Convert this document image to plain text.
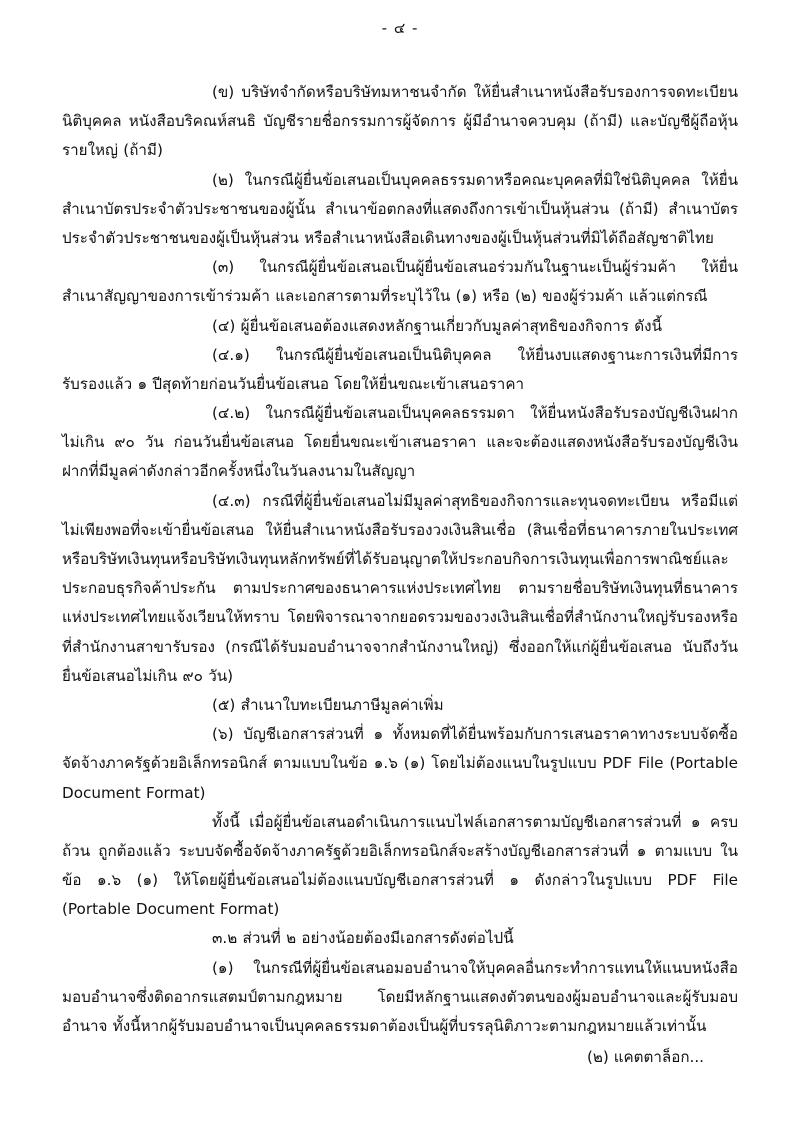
- ๔ -

(ข) บริษัทจำกัดหรือบริษัทมหาชนจำกัด ให้ยื่นสำเนาหนังสือรับรองการจดทะเบียน นิติบุคคล หนังสือบริคณห์สนธิ บัญชีรายชื่อกรรมการผู้จัดการ ผู้มีอำนาจควบคุม (ถ้ามี) และบัญชีผู้ถือหุ้นรายใหญ่ (ถ้ามี)

(๒) ในกรณีผู้ยื่นข้อเสนอเป็นบุคคลธรรมดาหรือคณะบุคคลที่มิใช่นิติบุคคล ให้ยื่นสำเนาบัตรประจำตัวประชาชนของผู้นั้น สำเนาข้อตกลงที่แสดงถึงการเข้าเป็นหุ้นส่วน (ถ้ามี) สำเนาบัตรประจำตัวประชาชนของผู้เป็นหุ้นส่วน หรือสำเนาหนังสือเดินทางของผู้เป็นหุ้นส่วนที่มิได้ถือสัญชาติไทย

(๓) ในกรณีผู้ยื่นข้อเสนอเป็นผู้ยื่นข้อเสนอร่วมกันในฐานะเป็นผู้ร่วมค้า ให้ยื่นสำเนาสัญญาของการเข้าร่วมค้า และเอกสารตามที่ระบุไว้ใน (๑) หรือ (๒) ของผู้ร่วมค้า แล้วแต่กรณี

(๔) ผู้ยื่นข้อเสนอต้องแสดงหลักฐานเกี่ยวกับมูลค่าสุทธิของกิจการ ดังนี้

(๔.๑) ในกรณีผู้ยื่นข้อเสนอเป็นนิติบุคคล ให้ยื่นงบแสดงฐานะการเงินที่มีการรับรองแล้ว ๑ ปีสุดท้ายก่อนวันยื่นข้อเสนอ โดยให้ยื่นขณะเข้าเสนอราคา

(๔.๒) ในกรณีผู้ยื่นข้อเสนอเป็นบุคคลธรรมดา ให้ยื่นหนังสือรับรองบัญชีเงินฝาก ไม่เกิน ๙๐ วัน ก่อนวันยื่นข้อเสนอ โดยยื่นขณะเข้าเสนอราคา และจะต้องแสดงหนังสือรับรองบัญชีเงินฝากที่มีมูลค่าดังกล่าวอีกครั้งหนึ่งในวันลงนามในสัญญา

(๔.๓) กรณีที่ผู้ยื่นข้อเสนอไม่มีมูลค่าสุทธิของกิจการและทุนจดทะเบียน หรือมีแต่ไม่เพียงพอที่จะเข้ายื่นข้อเสนอ ให้ยื่นสำเนาหนังสือรับรองวงเงินสินเชื่อ (สินเชื่อที่ธนาคารภายในประเทศหรือบริษัทเงินทุนหรือบริษัทเงินทุนหลักทรัพย์ที่ได้รับอนุญาตให้ประกอบกิจการเงินทุนเพื่อการพาณิชย์และประกอบธุรกิจค้าประกัน ตามประกาศของธนาคารแห่งประเทศไทย ตามรายชื่อบริษัทเงินทุนที่ธนาคารแห่งประเทศไทยแจ้งเวียนให้ทราบ โดยพิจารณาจากยอดรวมของวงเงินสินเชื่อที่สำนักงานใหญ่รับรองหรือที่สำนักงานสาขารับรอง (กรณีได้รับมอบอำนาจจากสำนักงานใหญ่) ซึ่งออกให้แก่ผู้ยื่นข้อเสนอ นับถึงวันยื่นข้อเสนอไม่เกิน ๙๐ วัน)

(๕) สำเนาใบทะเบียนภาษีมูลค่าเพิ่ม

(๖) บัญชีเอกสารส่วนที่ ๑ ทั้งหมดที่ได้ยื่นพร้อมกับการเสนอราคาทางระบบจัดซื้อจัดจ้างภาครัฐด้วยอิเล็กทรอนิกส์ ตามแบบในข้อ ๑.๖ (๑) โดยไม่ต้องแนบในรูปแบบ PDF File (Portable Document Format)

ทั้งนี้ เมื่อผู้ยื่นข้อเสนอดำเนินการแนบไฟล์เอกสารตามบัญชีเอกสารส่วนที่ ๑ ครบถ้วน ถูกต้องแล้ว ระบบจัดซื้อจัดจ้างภาครัฐด้วยอิเล็กทรอนิกส์จะสร้างบัญชีเอกสารส่วนที่ ๑ ตามแบบ ในข้อ ๑.๖ (๑) ให้โดยผู้ยื่นข้อเสนอไม่ต้องแนบบัญชีเอกสารส่วนที่ ๑ ดังกล่าวในรูปแบบ PDF File (Portable Document Format)

๓.๒ ส่วนที่ ๒ อย่างน้อยต้องมีเอกสารดังต่อไปนี้

(๑) ในกรณีที่ผู้ยื่นข้อเสนอมอบอำนาจให้บุคคลอื่นกระทำการแทนให้แนบหนังสือมอบอำนาจซึ่งติดอากรแสตมป์ตามกฎหมาย โดยมีหลักฐานแสดงตัวตนของผู้มอบอำนาจและผู้รับมอบอำนาจ ทั้งนี้หากผู้รับมอบอำนาจเป็นบุคคลธรรมดาต้องเป็นผู้ที่บรรลุนิติภาวะตามกฎหมายแล้วเท่านั้น

(๒) แคตตาล็อก...
